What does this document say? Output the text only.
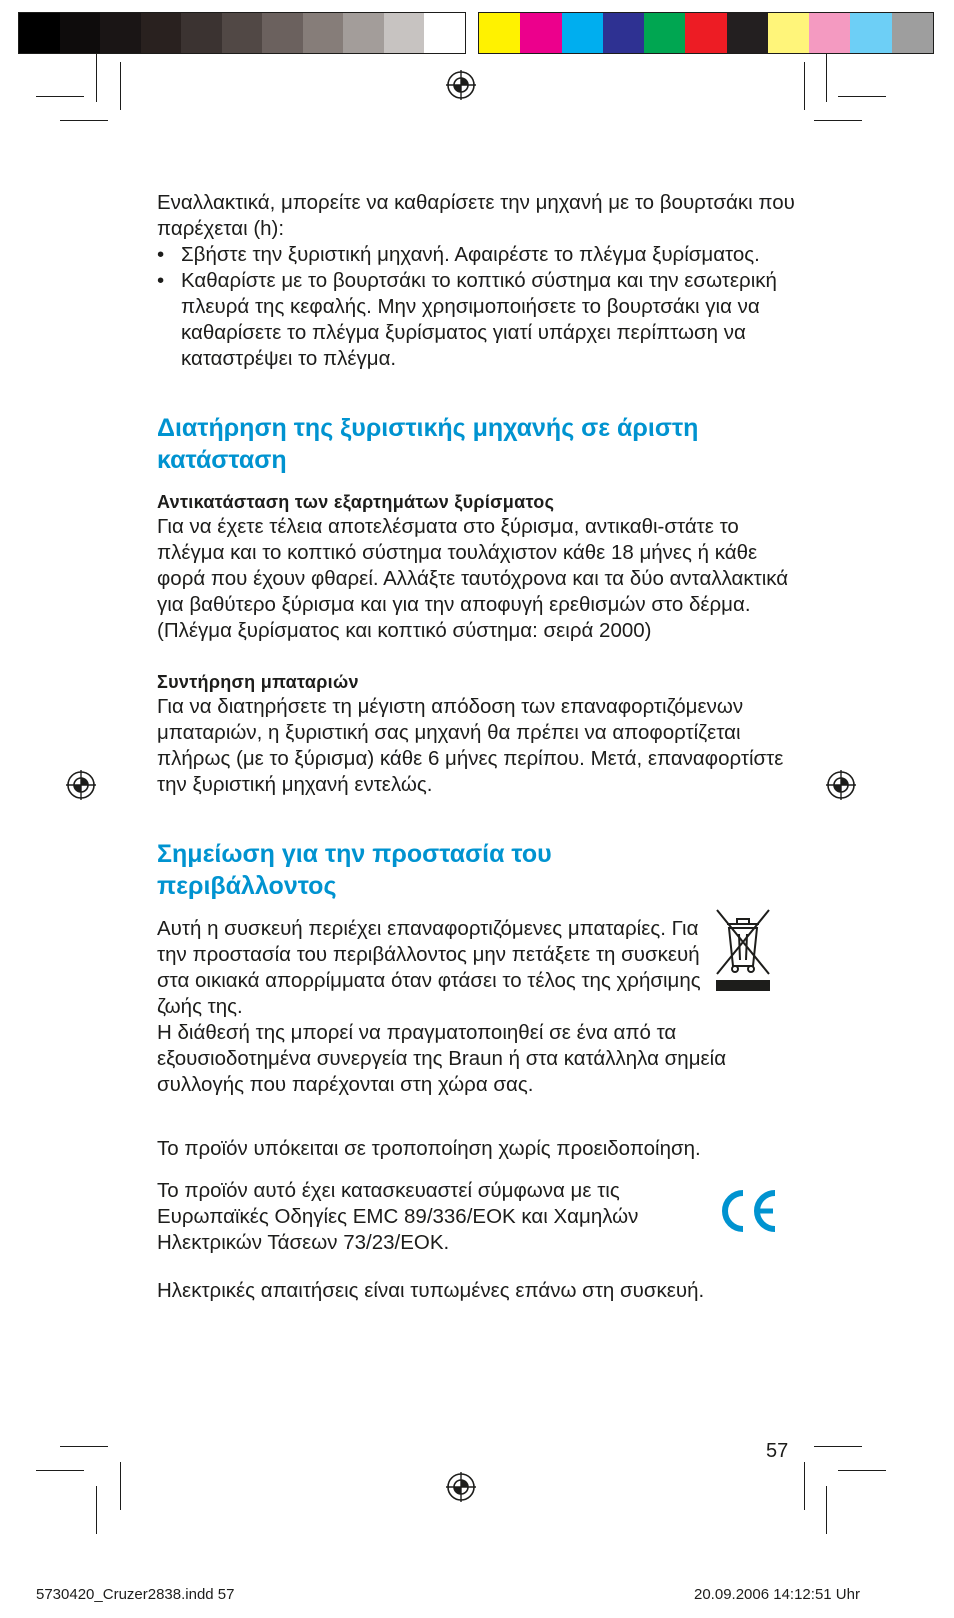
Εναλλακτικά, μπορείτε να καθαρίσετε την μηχανή με το βουρτσάκι που παρέχεται (h):

• Σβήστε την ξυριστική μηχανή. Αφαιρέστε το πλέγμα ξυρίσματος.
• Καθαρίστε με το βουρτσάκι το κοπτικό σύστημα και την εσωτερική πλευρά της κεφαλής. Μην χρησιμοποιήσετε το βουρτσάκι για να καθαρίσετε το πλέγμα ξυρίσματος γιατί υπάρχει περίπτωση να καταστρέψει το πλέγμα.
Διατήρηση της ξυριστικής μηχανής σε άριστη κατάσταση
Αντικατάσταση των εξαρτημάτων ξυρίσματος

Για να έχετε τέλεια αποτελέσματα στο ξύρισμα, αντικαθι-στάτε το πλέγμα και το κοπτικό σύστημα τουλάχιστον κάθε 18 μήνες ή κάθε φορά που έχουν φθαρεί. Αλλάξτε ταυτόχρονα και τα δύο ανταλλακτικά για βαθύτερο ξύρισμα και για την αποφυγή ερεθισμών στο δέρμα.

(Πλέγμα ξυρίσματος και κοπτικό σύστημα: σειρά 2000)

Συντήρηση μπαταριών

Για να διατηρήσετε τη μέγιστη απόδοση των επαναφορτιζόμενων μπαταριών, η ξυριστική σας μηχανή θα πρέπει να αποφορτίζεται πλήρως (με το ξύρισμα) κάθε 6 μήνες περίπου. Μετά, επαναφορτίστε την ξυριστική μηχανή εντελώς.

Σημείωση για την προστασία του περιβάλλοντος

Αυτή η συσκευή περιέχει επαναφορτιζόμενες μπαταρίες. Για την προστασία του περιβάλλοντος μην πετάξετε τη συσκευή στα οικιακά απορρίμματα όταν φτάσει το τέλος της χρήσιμης ζωής της.

Η διάθεσή της μπορεί να πραγματοποιηθεί σε ένα από τα εξουσιοδοτημένα συνεργεία της Braun ή στα κατάλληλα σημεία συλλογής που παρέχονται στη χώρα σας.

Το προϊόν υπόκειται σε τροποποίηση χωρίς προειδοποίηση.

Το προϊόν αυτό έχει κατασκευαστεί σύμφωνα με τις Ευρωπαϊκές Οδηγίες EMC 89/336/EOK και Χαμηλών Ηλεκτρικών Τάσεων 73/23/EOK.

Ηλεκτρικές απαιτήσεις είναι τυπωμένες επάνω στη συσκευή.

57
5730420_Cruzer2838.indd 57	20.09.2006 14:12:51 Uhr
